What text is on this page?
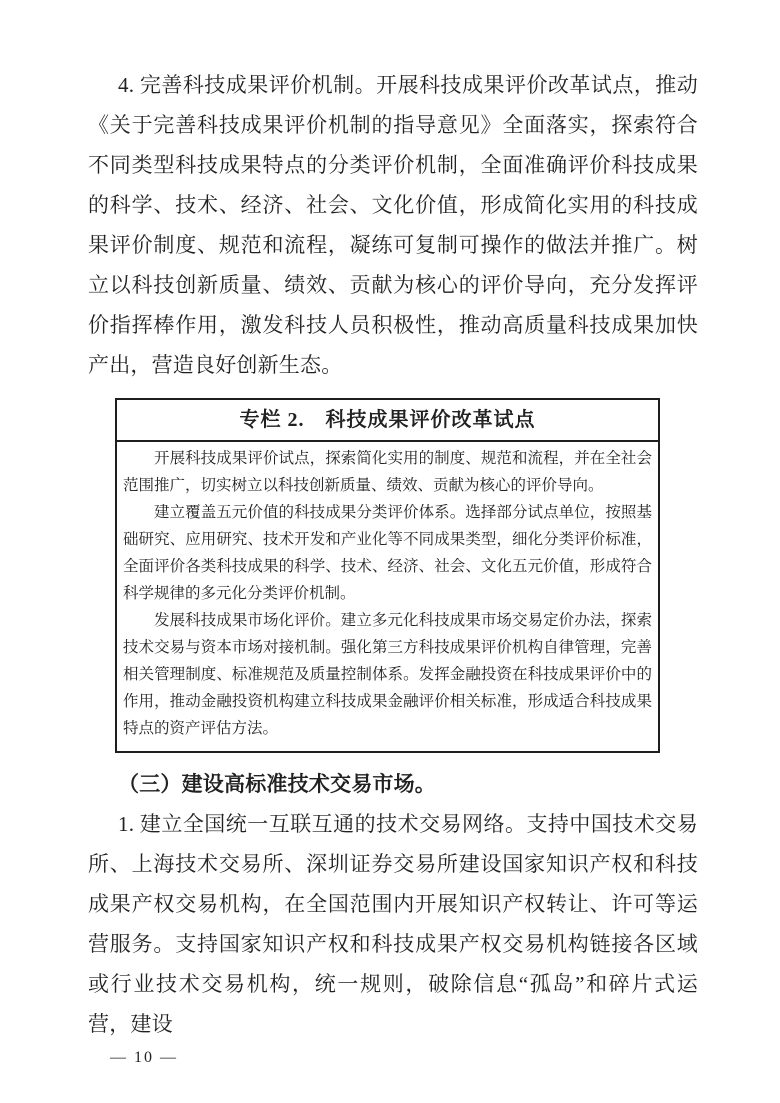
4. 完善科技成果评价机制。开展科技成果评价改革试点，推动《关于完善科技成果评价机制的指导意见》全面落实，探索符合不同类型科技成果特点的分类评价机制，全面准确评价科技成果的科学、技术、经济、社会、文化价值，形成简化实用的科技成果评价制度、规范和流程，凝练可复制可操作的做法并推广。树立以科技创新质量、绩效、贡献为核心的评价导向，充分发挥评价指挥棒作用，激发科技人员积极性，推动高质量科技成果加快产出，营造良好创新生态。

专栏 2.　科技成果评价改革试点

开展科技成果评价试点，探索简化实用的制度、规范和流程，并在全社会范围推广，切实树立以科技创新质量、绩效、贡献为核心的评价导向。

建立覆盖五元价值的科技成果分类评价体系。选择部分试点单位，按照基础研究、应用研究、技术开发和产业化等不同成果类型，细化分类评价标准，全面评价各类科技成果的科学、技术、经济、社会、文化五元价值，形成符合科学规律的多元化分类评价机制。

发展科技成果市场化评价。建立多元化科技成果市场交易定价办法，探索技术交易与资本市场对接机制。强化第三方科技成果评价机构自律管理，完善相关管理制度、标准规范及质量控制体系。发挥金融投资在科技成果评价中的作用，推动金融投资机构建立科技成果金融评价相关标准，形成适合科技成果特点的资产评估方法。

（三）建设高标准技术交易市场。

1. 建立全国统一互联互通的技术交易网络。支持中国技术交易所、上海技术交易所、深圳证券交易所建设国家知识产权和科技成果产权交易机构，在全国范围内开展知识产权转让、许可等运营服务。支持国家知识产权和科技成果产权交易机构链接各区域或行业技术交易机构，统一规则，破除信息“孤岛”和碎片式运营，建设

— 10 —
